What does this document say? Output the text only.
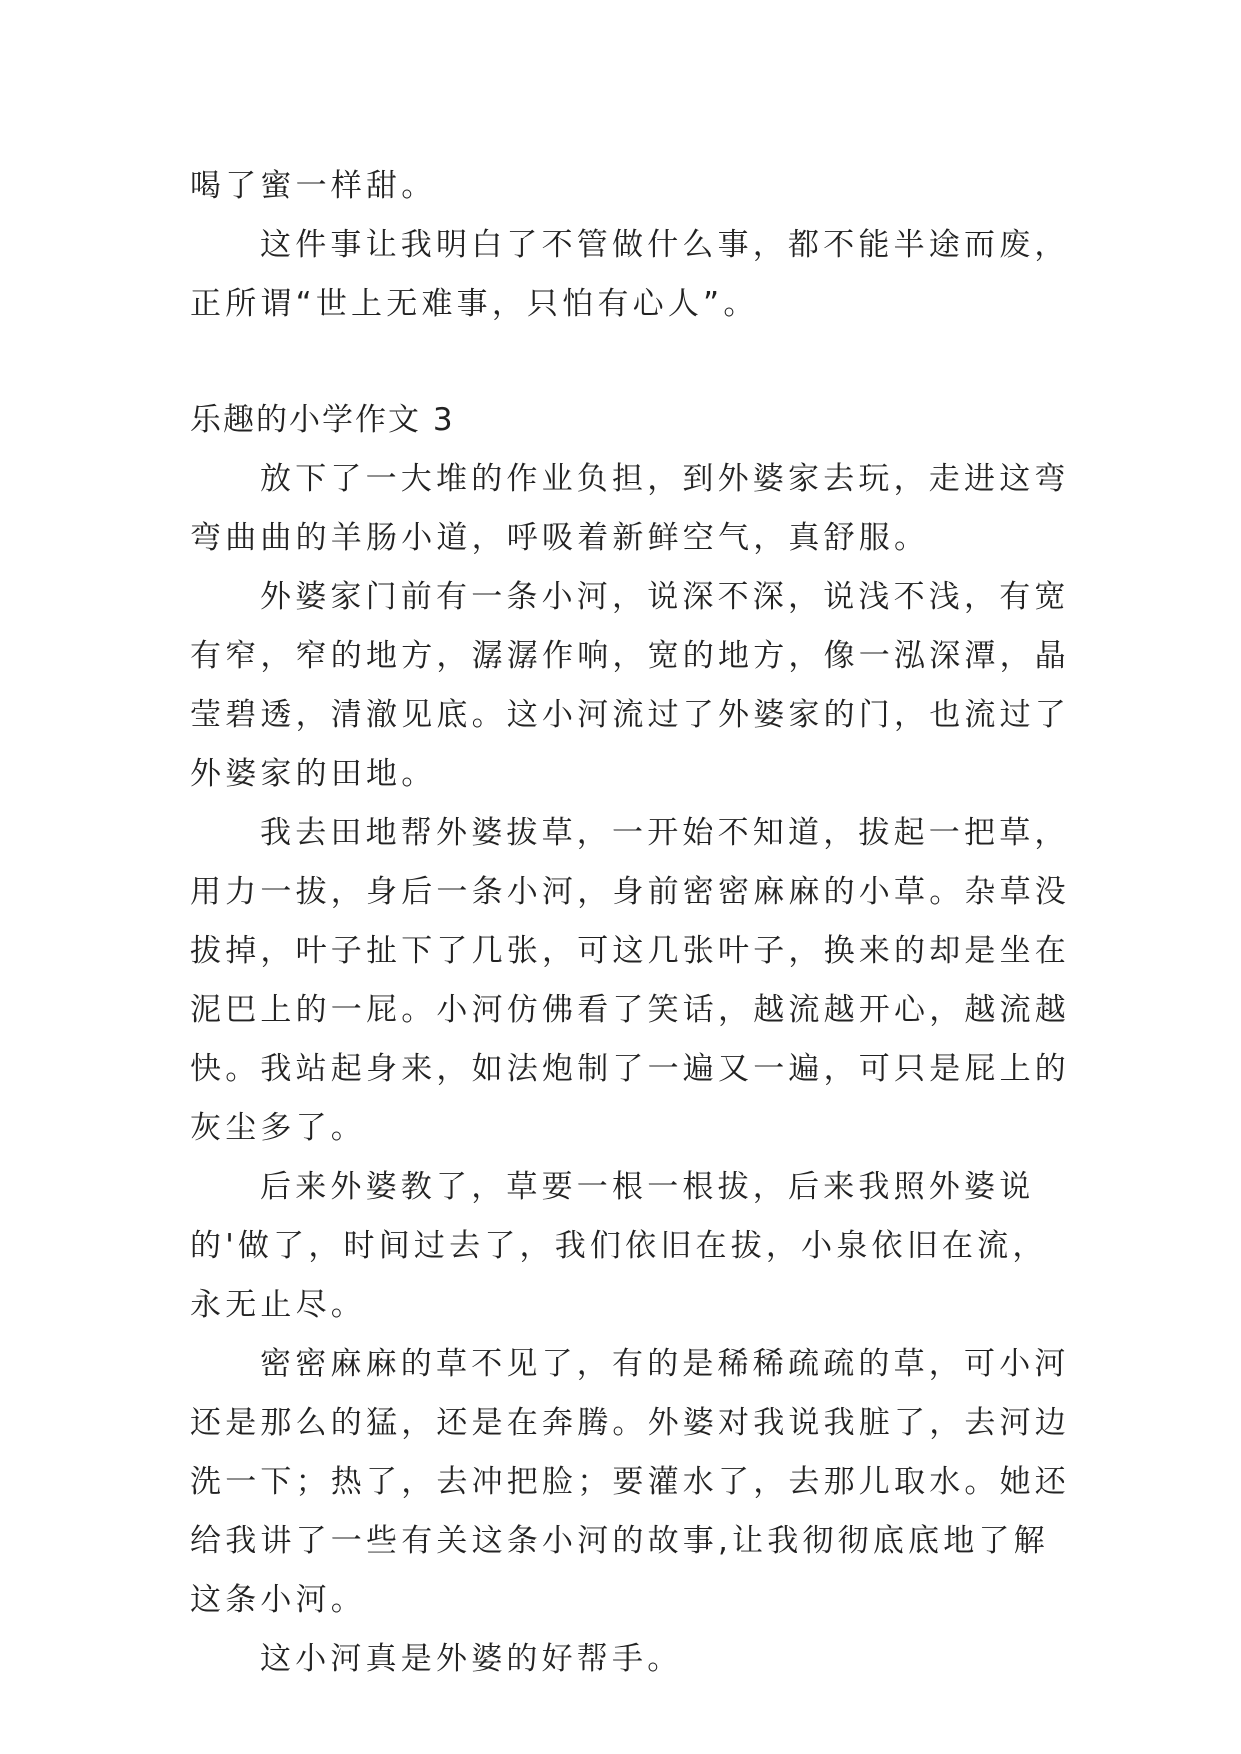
喝了蜜一样甜。

这件事让我明白了不管做什么事，都不能半途而废，正所谓“世上无难事，只怕有心人”。

乐趣的小学作文 3

放下了一大堆的作业负担，到外婆家去玩，走进这弯弯曲曲的羊肠小道，呼吸着新鲜空气，真舒服。

外婆家门前有一条小河，说深不深，说浅不浅，有宽有窄，窄的地方，潺潺作响，宽的地方，像一泓深潭，晶莹碧透，清澈见底。这小河流过了外婆家的门，也流过了外婆家的田地。

我去田地帮外婆拔草，一开始不知道，拔起一把草，用力一拔，身后一条小河，身前密密麻麻的小草。杂草没拔掉，叶子扯下了几张，可这几张叶子，换来的却是坐在泥巴上的一屁。小河仿佛看了笑话，越流越开心，越流越快。我站起身来，如法炮制了一遍又一遍，可只是屁上的灰尘多了。

后来外婆教了，草要一根一根拔，后来我照外婆说的'做了，时间过去了，我们依旧在拔，小泉依旧在流，永无止尽。

密密麻麻的草不见了，有的是稀稀疏疏的草，可小河还是那么的猛，还是在奔腾。外婆对我说我脏了，去河边洗一下；热了，去冲把脸；要灌水了，去那儿取水。她还给我讲了一些有关这条小河的故事,让我彻彻底底地了解这条小河。

这小河真是外婆的好帮手。
